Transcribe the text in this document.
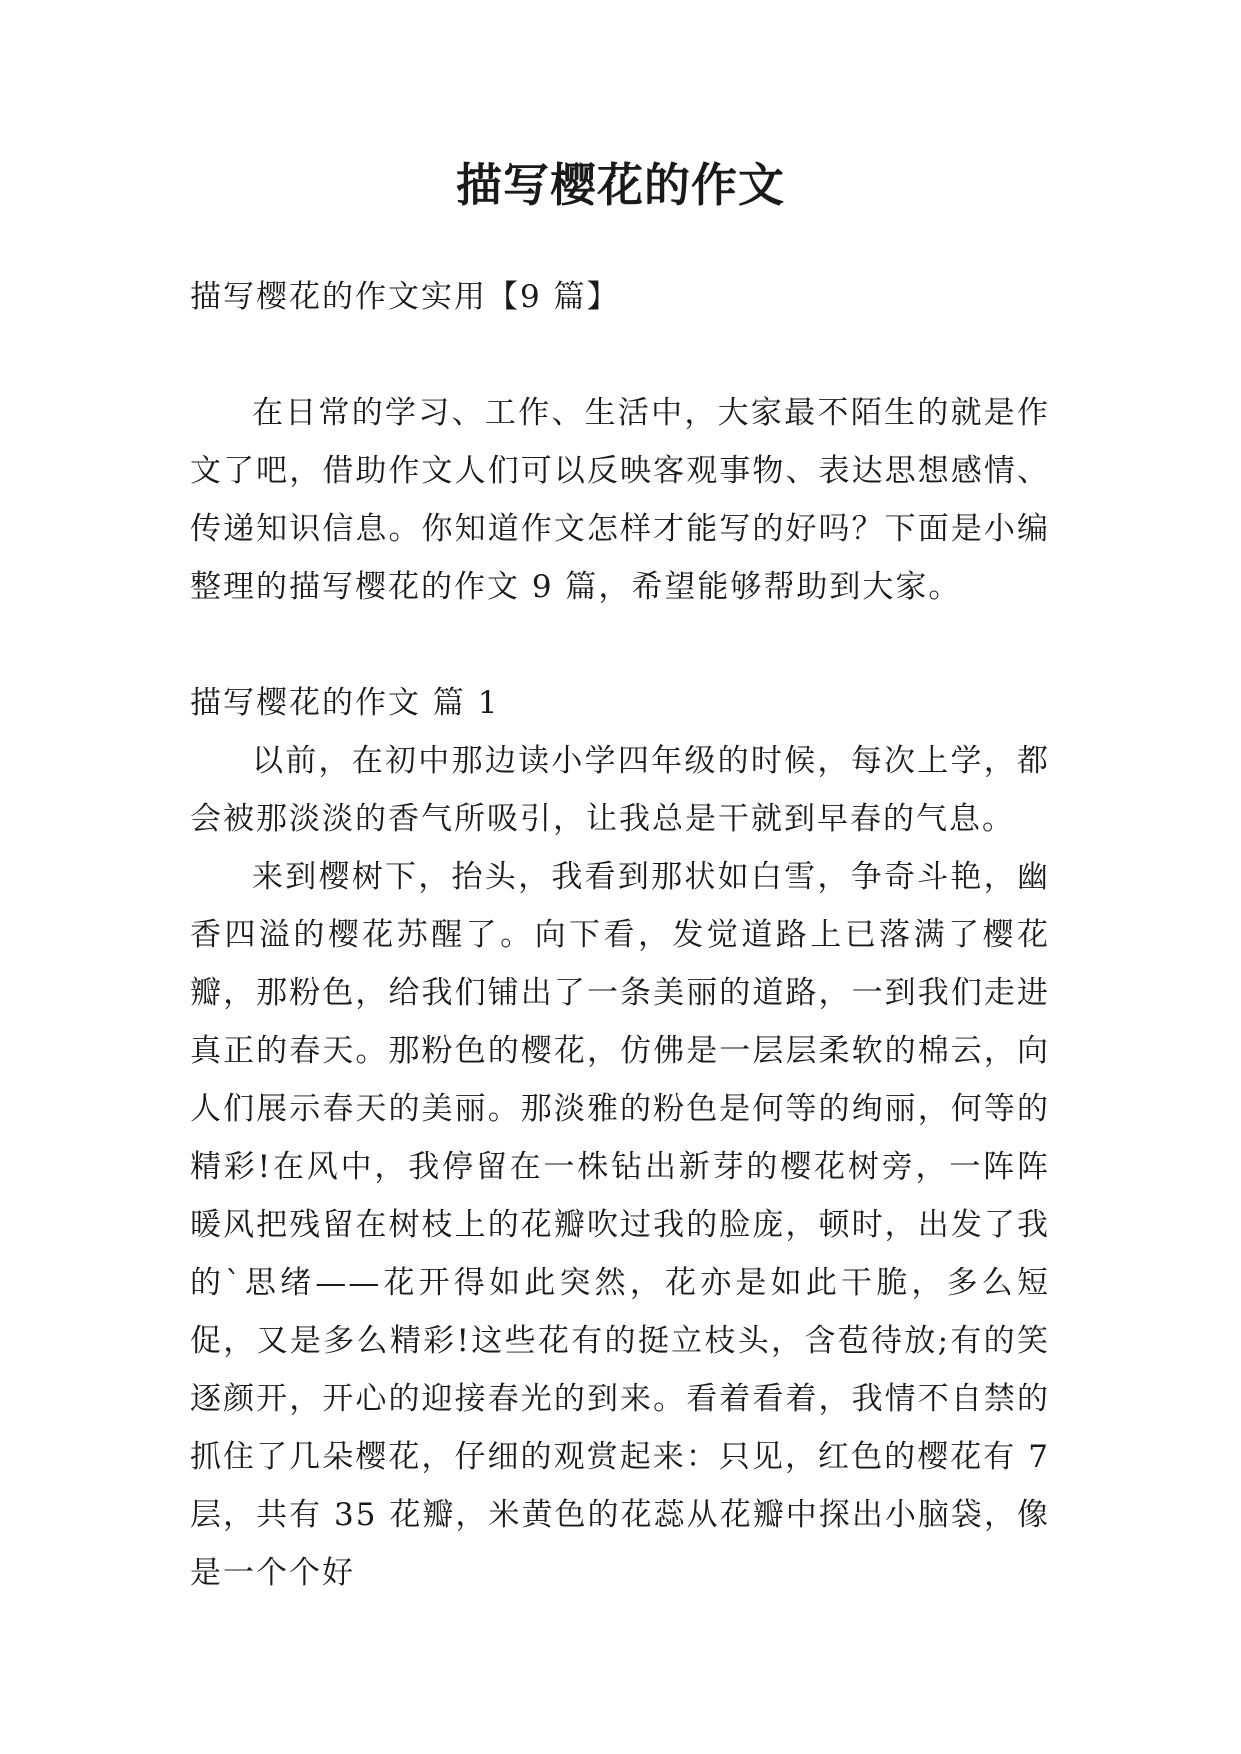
描写樱花的作文

描写樱花的作文实用【9 篇】

在日常的学习、工作、生活中，大家最不陌生的就是作文了吧，借助作文人们可以反映客观事物、表达思想感情、传递知识信息。你知道作文怎样才能写的好吗？下面是小编整理的描写樱花的作文 9 篇，希望能够帮助到大家。

描写樱花的作文 篇 1

以前，在初中那边读小学四年级的时候，每次上学，都会被那淡淡的香气所吸引，让我总是干就到早春的气息。

来到樱树下，抬头，我看到那状如白雪，争奇斗艳，幽香四溢的樱花苏醒了。向下看，发觉道路上已落满了樱花瓣，那粉色，给我们铺出了一条美丽的道路，一到我们走进真正的春天。那粉色的樱花，仿佛是一层层柔软的棉云，向人们展示春天的美丽。那淡雅的粉色是何等的绚丽，何等的精彩!在风中，我停留在一株钻出新芽的樱花树旁，一阵阵暖风把残留在树枝上的花瓣吹过我的脸庞，顿时，出发了我的`思绪——花开得如此突然，花亦是如此干脆，多么短促，又是多么精彩!这些花有的挺立枝头，含苞待放;有的笑逐颜开，开心的迎接春光的到来。看着看着，我情不自禁的抓住了几朵樱花，仔细的观赏起来：只见，红色的樱花有 7 层，共有 35 花瓣，米黄色的花蕊从花瓣中探出小脑袋，像是一个个好
